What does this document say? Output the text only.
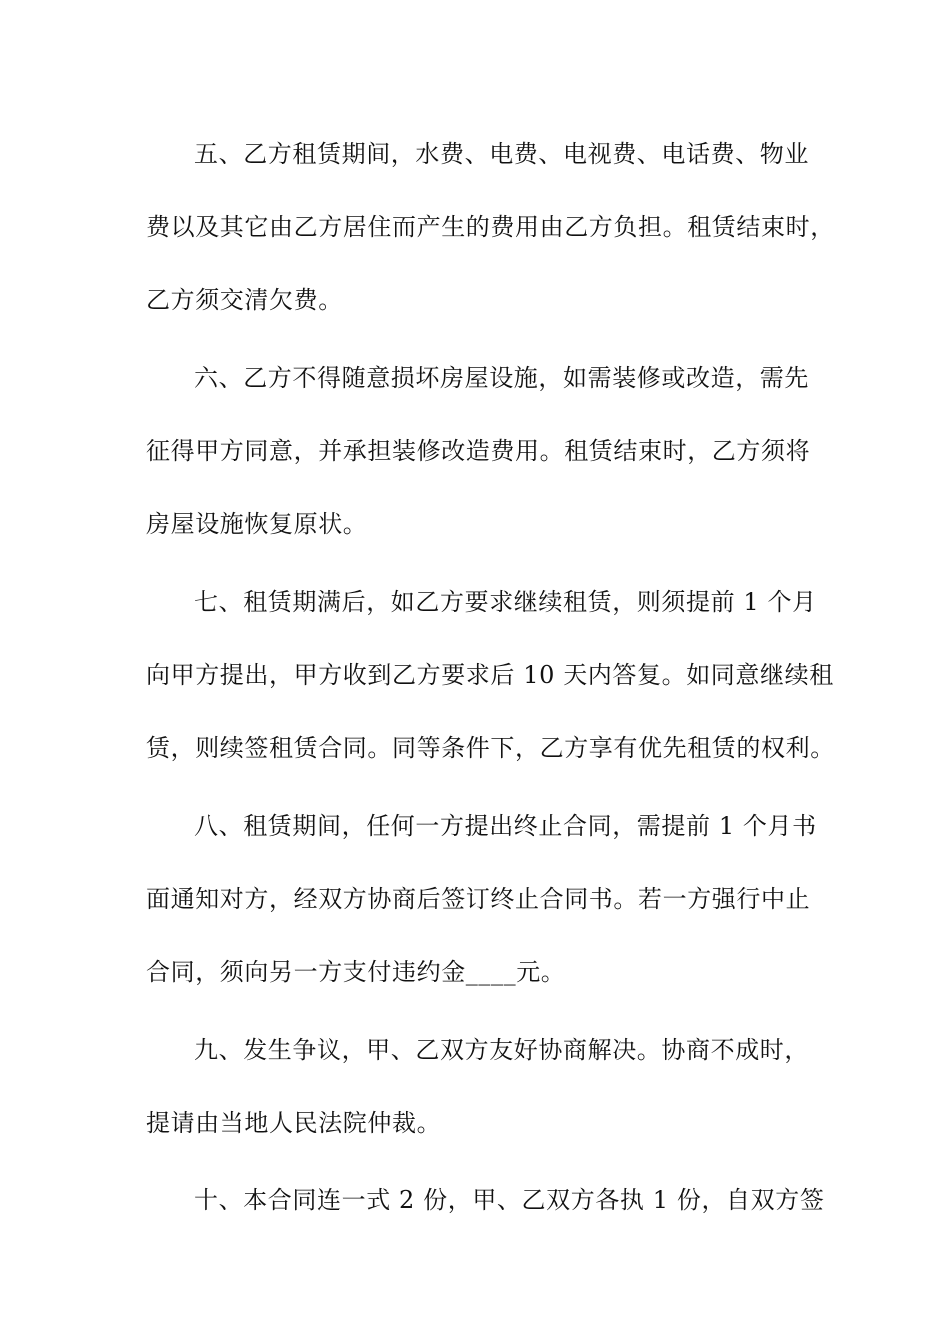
五、乙方租赁期间，水费、电费、电视费、电话费、物业
费以及其它由乙方居住而产生的费用由乙方负担。租赁结束时，
乙方须交清欠费。
六、乙方不得随意损坏房屋设施，如需装修或改造，需先
征得甲方同意，并承担装修改造费用。租赁结束时，乙方须将
房屋设施恢复原状。
七、租赁期满后，如乙方要求继续租赁，则须提前 1 个月
向甲方提出，甲方收到乙方要求后 10 天内答复。如同意继续租
赁，则续签租赁合同。同等条件下，乙方享有优先租赁的权利。
八、租赁期间，任何一方提出终止合同，需提前 1 个月书
面通知对方，经双方协商后签订终止合同书。若一方强行中止
合同，须向另一方支付违约金____元。
九、发生争议，甲、乙双方友好协商解决。协商不成时，
提请由当地人民法院仲裁。
十、本合同连一式 2 份，甲、乙双方各执 1 份，自双方签
